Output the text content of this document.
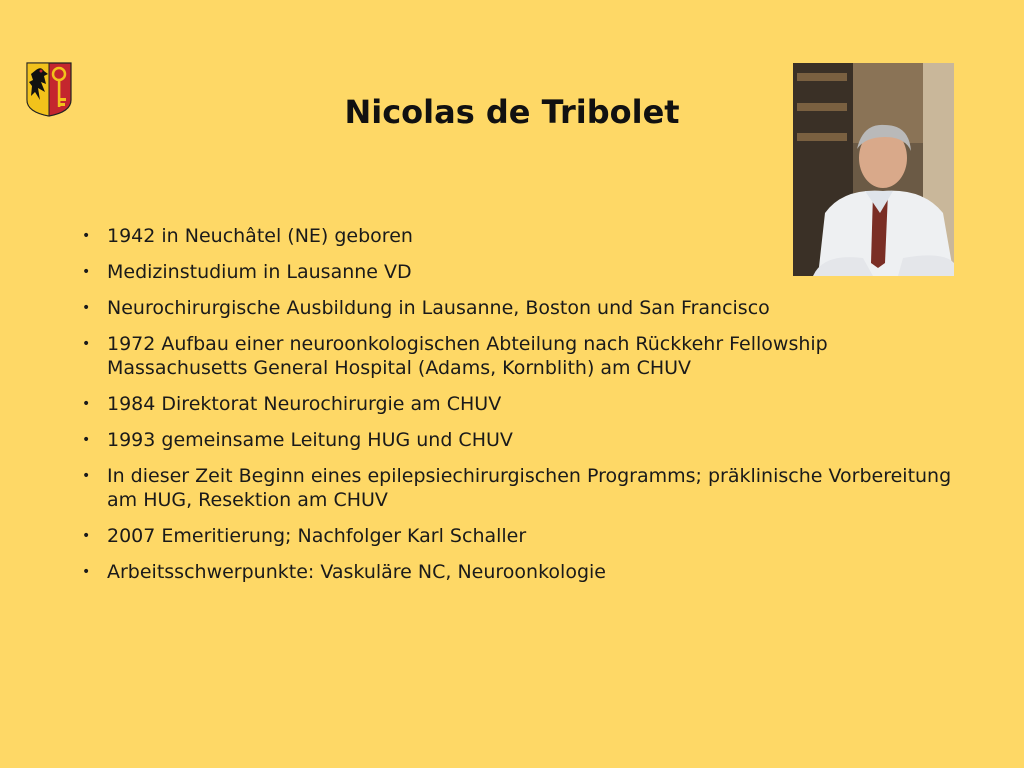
Nicolas de Tribolet
• 1942 in Neuchâtel (NE) geboren
• Medizinstudium in Lausanne VD
• Neurochirurgische Ausbildung in Lausanne, Boston und San Francisco
• 1972 Aufbau einer neuroonkologischen Abteilung nach Rückkehr Fellowship Massachusetts General Hospital (Adams, Kornblith) am CHUV
• 1984 Direktorat Neurochirurgie am CHUV
• 1993 gemeinsame Leitung HUG und CHUV
• In dieser Zeit Beginn eines epilepsiechirurgischen Programms; präklinische Vorbereitung am HUG, Resektion am CHUV
• 2007 Emeritierung; Nachfolger Karl Schaller
• Arbeitsschwerpunkte: Vaskuläre NC, Neuroonkologie
